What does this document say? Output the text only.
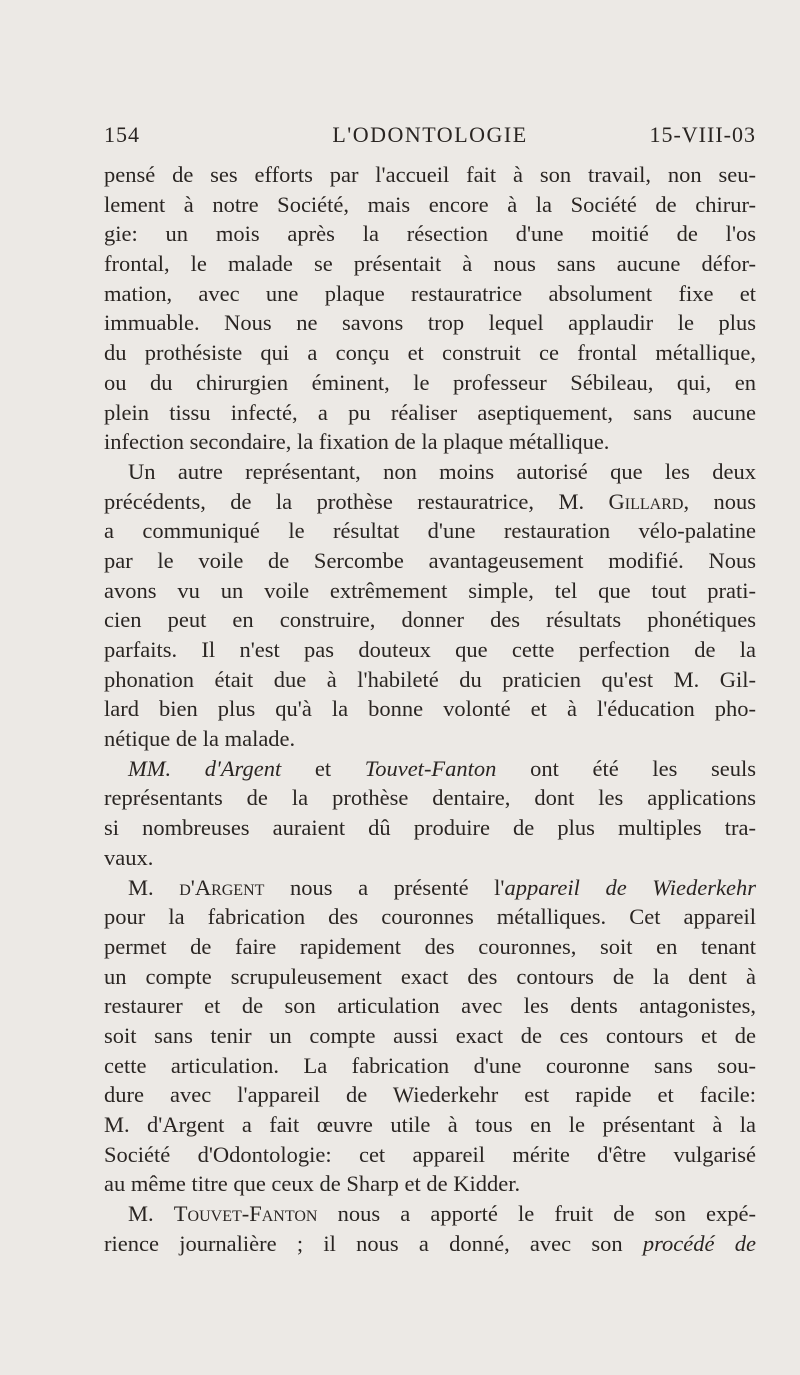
154	L'ODONTOLOGIE	15-VIII-03
pensé de ses efforts par l'accueil fait à son travail, non seu-
lement à notre Société, mais encore à la Société de chirur-
gie: un mois après la résection d'une moitié de l'os
frontal, le malade se présentait à nous sans aucune défor-
mation, avec une plaque restauratrice absolument fixe et
immuable. Nous ne savons trop lequel applaudir le plus
du prothésiste qui a conçu et construit ce frontal métallique,
ou du chirurgien éminent, le professeur Sébileau, qui, en
plein tissu infecté, a pu réaliser aseptiquement, sans aucune
infection secondaire, la fixation de la plaque métallique.
Un autre représentant, non moins autorisé que les deux
précédents, de la prothèse restauratrice, M. Gillard, nous
a communiqué le résultat d'une restauration vélo-palatine
par le voile de Sercombe avantageusement modifié. Nous
avons vu un voile extrêmement simple, tel que tout prati-
cien peut en construire, donner des résultats phonétiques
parfaits. Il n'est pas douteux que cette perfection de la
phonation était due à l'habileté du praticien qu'est M. Gil-
lard bien plus qu'à la bonne volonté et à l'éducation pho-
nétique de la malade.
MM. d'Argent et Touvet-Fanton ont été les seuls
représentants de la prothèse dentaire, dont les applications
si nombreuses auraient dû produire de plus multiples tra-
vaux.
M. d'Argent nous a présenté l'appareil de Wiederkehr
pour la fabrication des couronnes métalliques. Cet appareil
permet de faire rapidement des couronnes, soit en tenant
un compte scrupuleusement exact des contours de la dent à
restaurer et de son articulation avec les dents antagonistes,
soit sans tenir un compte aussi exact de ces contours et de
cette articulation. La fabrication d'une couronne sans sou-
dure avec l'appareil de Wiederkehr est rapide et facile:
M. d'Argent a fait œuvre utile à tous en le présentant à la
Société d'Odontologie: cet appareil mérite d'être vulgarisé
au même titre que ceux de Sharp et de Kidder.
M. Touvet-Fanton nous a apporté le fruit de son expé-
rience journalière ; il nous a donné, avec son procédé de
